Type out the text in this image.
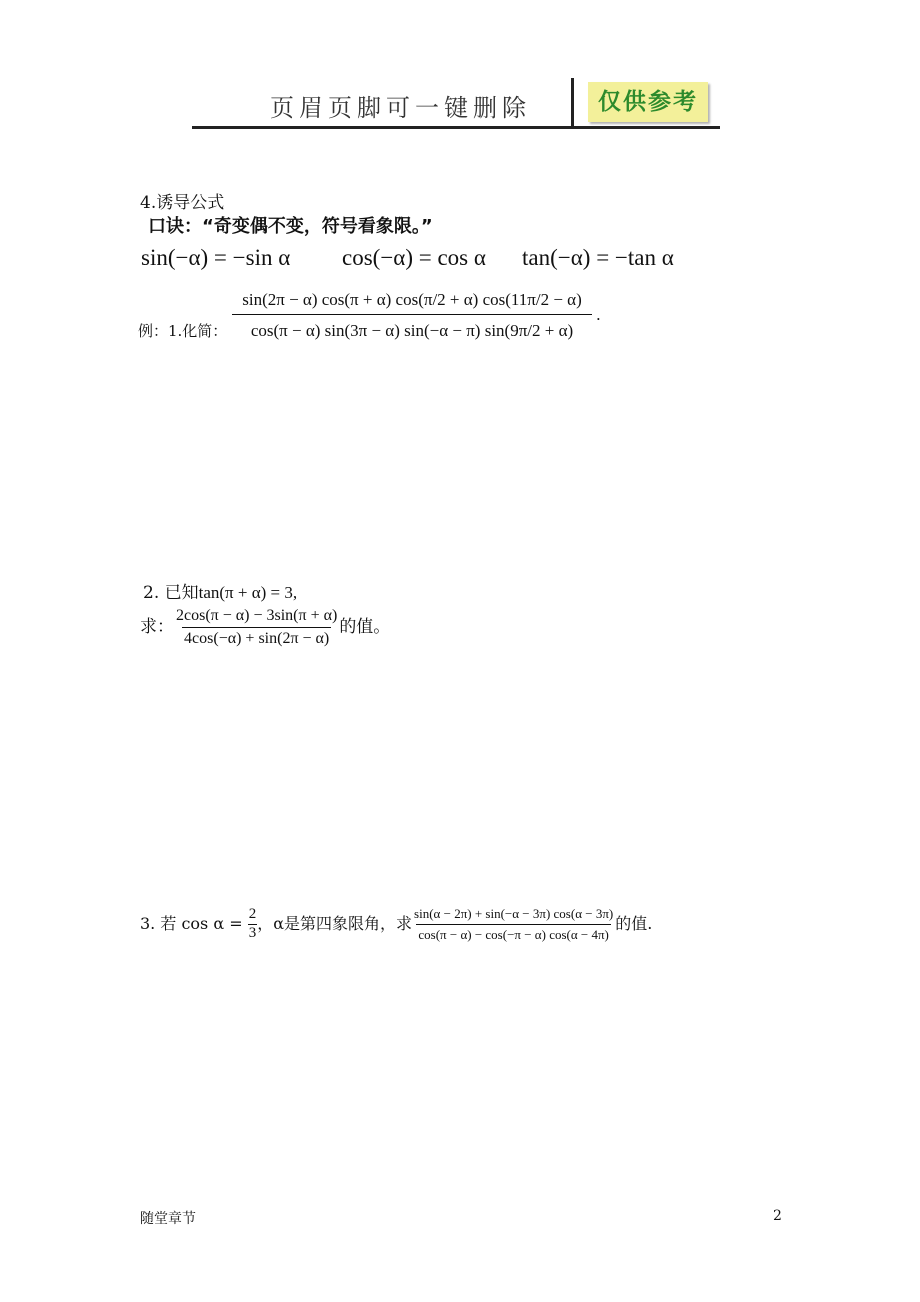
页眉页脚可一键删除	仅供参考
4.诱导公式
口诀：“奇变偶不变，符号看象限。”
sin(−α) = −sin α cos(−α) = cos α tan(−α) = −tan α
例：1.化简： $\frac{\sin(2\pi - \alpha) \cos(\pi + \alpha) \cos(\pi/2 + \alpha) \cos(11\pi/2 - \alpha)}{\cos(\pi - \alpha) \sin(3\pi - \alpha) \sin(-\alpha - \pi) \sin(9\pi/2 + \alpha)}$ .
2. 已知tan(π + α) = 3,
求： $\frac{2\cos(\pi - \alpha) - 3\sin(\pi + \alpha)}{4\cos(-\alpha) + \sin(2\pi - \alpha)}$ 的值。
3. 若 $\cos \alpha = \frac{2}{3}$ ，α是第四象限角，求 $\frac{\sin(\alpha - 2\pi) + \sin(-\alpha - 3\pi) \cos(\alpha - 3\pi)}{\cos(\pi - \alpha) - \cos(-\pi - \alpha) \cos(\alpha - 4\pi)}$ 的值.
随堂章节	2
